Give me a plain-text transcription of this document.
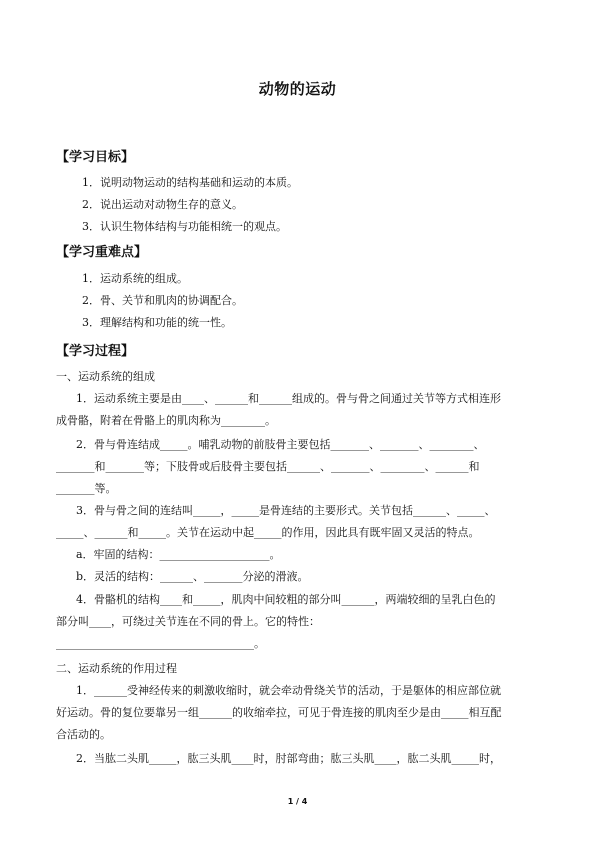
动物的运动
【学习目标】
1．说明动物运动的结构基础和运动的本质。
2．说出运动对动物生存的意义。
3．认识生物体结构与功能相统一的观点。
【学习重难点】
1．运动系统的组成。
2．骨、关节和肌肉的协调配合。
3．理解结构和功能的统一性。
【学习过程】
一、运动系统的组成
1．运动系统主要是由____、______和______组成的。骨与骨之间通过关节等方式相连形
成骨骼，附着在骨骼上的肌肉称为________。
2．骨与骨连结成_____。哺乳动物的前肢骨主要包括_______、_______、________、
_______和_______等；下肢骨或后肢骨主要包括______、_______、________、______和
_______等。
3．骨与骨之间的连结叫_____，_____是骨连结的主要形式。关节包括______、_____、
_____、______和_____。关节在运动中起_____的作用，因此具有既牢固又灵活的特点。
a．牢固的结构：____________________。
b．灵活的结构：______、_______分泌的滑液。
4．骨骼机的结构____和_____，肌肉中间较粗的部分叫______，两端较细的呈乳白色的
部分叫____，可绕过关节连在不同的骨上。它的特性：
____________________________________。
二、运动系统的作用过程
1．______受神经传来的刺激收缩时，就会牵动骨绕关节的活动，于是躯体的相应部位就
好运动。骨的复位要靠另一组______的收缩牵拉，可见于骨连接的肌肉至少是由_____相互配
合活动的。
2．当肱二头肌_____，肱三头肌____时，肘部弯曲；肱三头肌____，肱二头肌_____时，
1 / 4
